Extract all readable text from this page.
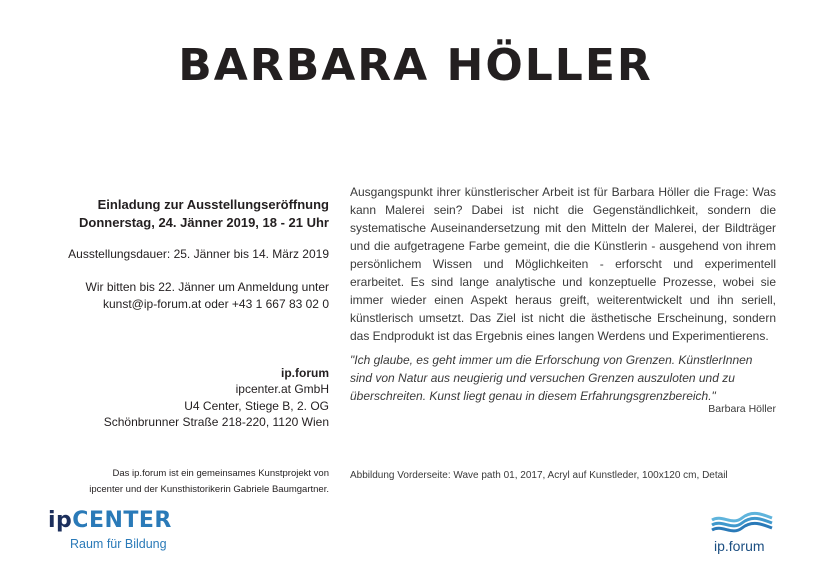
BARBARA HÖLLER

Einladung zur Ausstellungseröffnung

Donnerstag, 24. Jänner 2019, 18 - 21 Uhr

Ausstellungsdauer: 25. Jänner bis 14. März 2019

Wir bitten bis 22. Jänner um Anmeldung unter

kunst@ip-forum.at oder +43 1 667 83 02 0

ip.forum

ipcenter.at GmbH

U4 Center, Stiege B, 2. OG

Schönbrunner Straße 218-220, 1120 Wien

Das ip.forum ist ein gemeinsames Kunstprojekt von

ipcenter und der Kunsthistorikerin Gabriele Baumgartner.

Ausgangspunkt ihrer künstlerischer Arbeit ist für Barbara Höller die Frage: Was kann Malerei sein? Dabei ist nicht die Gegenständlichkeit, sondern die systematische Auseinandersetzung mit den Mitteln der Malerei, der Bildträger und die aufgetragene Farbe gemeint, die die Künstlerin - ausgehend von ihrem persönlichem Wissen und Möglichkeiten - erforscht und experimentell erarbeitet. Es sind lange analytische und konzeptuelle Prozesse, wobei sie immer wieder einen Aspekt heraus greift, weiterentwickelt und ihn seriell, künstlerisch umsetzt. Das Ziel ist nicht die ästhetische Erscheinung, sondern das Endprodukt ist das Ergebnis eines langen Werdens und Experimentierens.

"Ich glaube, es geht immer um die Erforschung von Grenzen. KünstlerInnen sind von Natur aus neugierig und versuchen Grenzen auszuloten und zu überschreiten. Kunst liegt genau in diesem Erfahrungsgrenzbereich."

Barbara Höller
Abbildung Vorderseite: Wave path 01, 2017, Acryl auf Kunstleder, 100x120 cm, Detail
ipCENTER
Raum für Bildung	ip.forum
